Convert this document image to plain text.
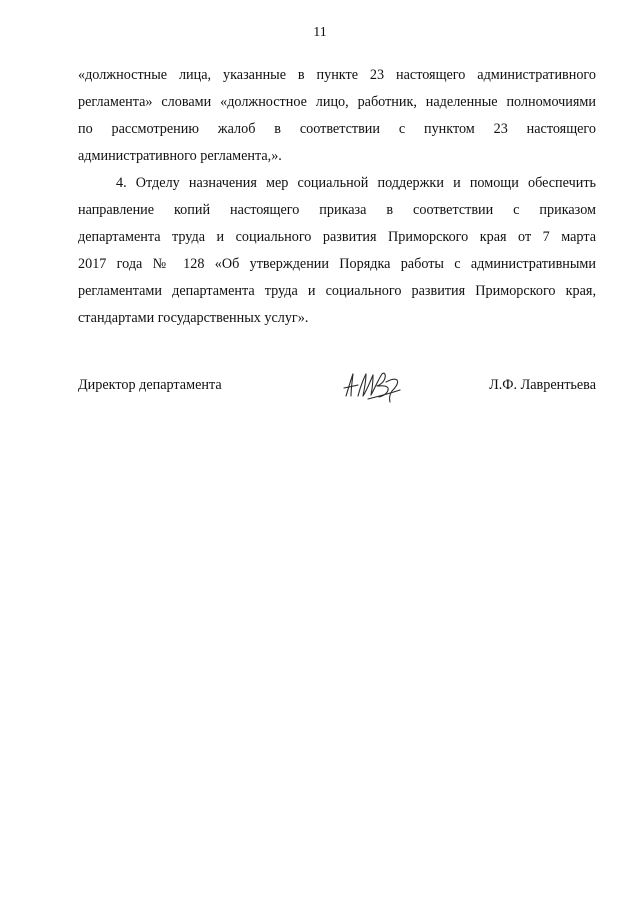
11

«должностные лица, указанные в пункте 23 настоящего административного
регламента» словами «должностное лицо, работник, наделенные полномочиями
по рассмотрению жалоб в соответствии с пунктом 23 настоящего
административного регламента,».

4. Отделу назначения мер социальной поддержки и помощи обеспечить
направление копий настоящего приказа в соответствии с приказом
департамента труда и социального развития Приморского края от 7 марта
2017 года № 128 «Об утверждении Порядка работы с административными
регламентами департамента труда и социального развития Приморского края,
стандартами государственных услуг».

Директор департамента	Л.Ф. Лаврентьева
